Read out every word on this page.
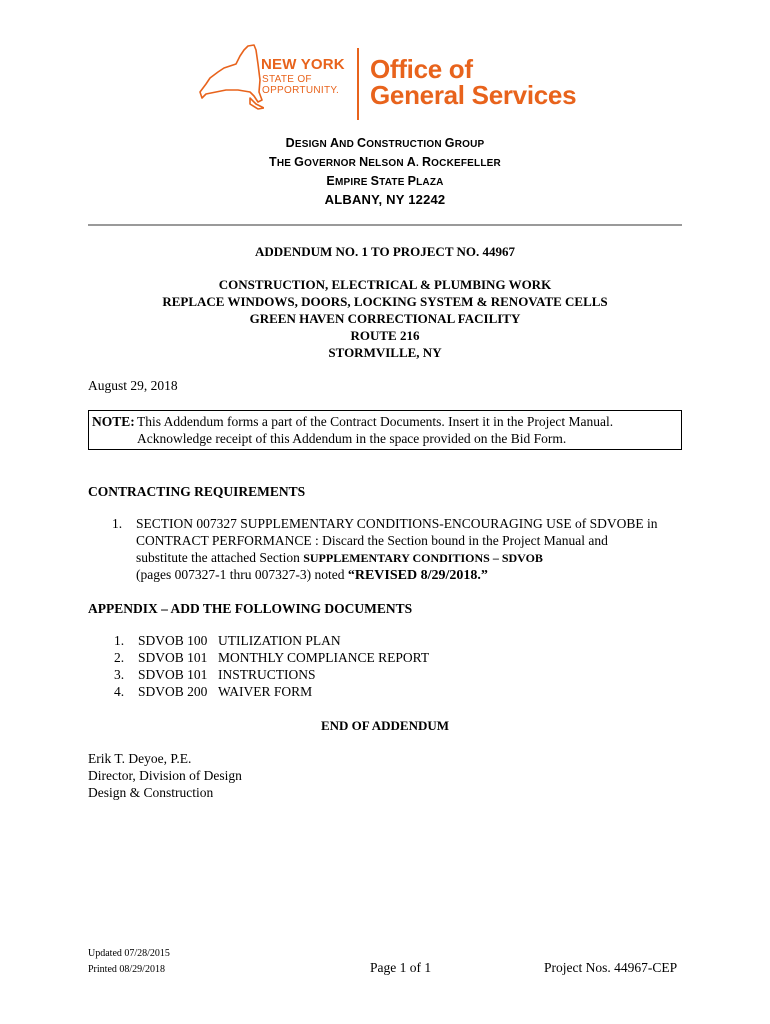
NEW YORK
STATE OF
OPPORTUNITY.
Office of
General Services
DESIGN AND CONSTRUCTION GROUP
THE GOVERNOR NELSON A. ROCKEFELLER
EMPIRE STATE PLAZA
ALBANY, NY 12242
ADDENDUM NO. 1 TO PROJECT NO. 44967
CONSTRUCTION, ELECTRICAL & PLUMBING WORK
REPLACE WINDOWS, DOORS, LOCKING SYSTEM & RENOVATE CELLS
GREEN HAVEN CORRECTIONAL FACILITY
ROUTE 216
STORMVILLE, NY
August 29, 2018
NOTE: This Addendum forms a part of the Contract Documents. Insert it in the Project Manual.
Acknowledge receipt of this Addendum in the space provided on the Bid Form.
CONTRACTING REQUIREMENTS
1. SECTION 007327 SUPPLEMENTARY CONDITIONS-ENCOURAGING USE of SDVOBE in
CONTRACT PERFORMANCE : Discard the Section bound in the Project Manual and
substitute the attached Section SUPPLEMENTARY CONDITIONS – SDVOB
(pages 007327-1 thru 007327-3) noted “REVISED 8/29/2018.”
APPENDIX – ADD THE FOLLOWING DOCUMENTS
1. SDVOB 100 UTILIZATION PLAN
2. SDVOB 101 MONTHLY COMPLIANCE REPORT
3. SDVOB 101 INSTRUCTIONS
4. SDVOB 200 WAIVER FORM
END OF ADDENDUM
Erik T. Deyoe, P.E.
Director, Division of Design
Design & Construction
Updated 07/28/2015
Printed 08/29/2018	Page 1 of 1	Project Nos. 44967-CEP
